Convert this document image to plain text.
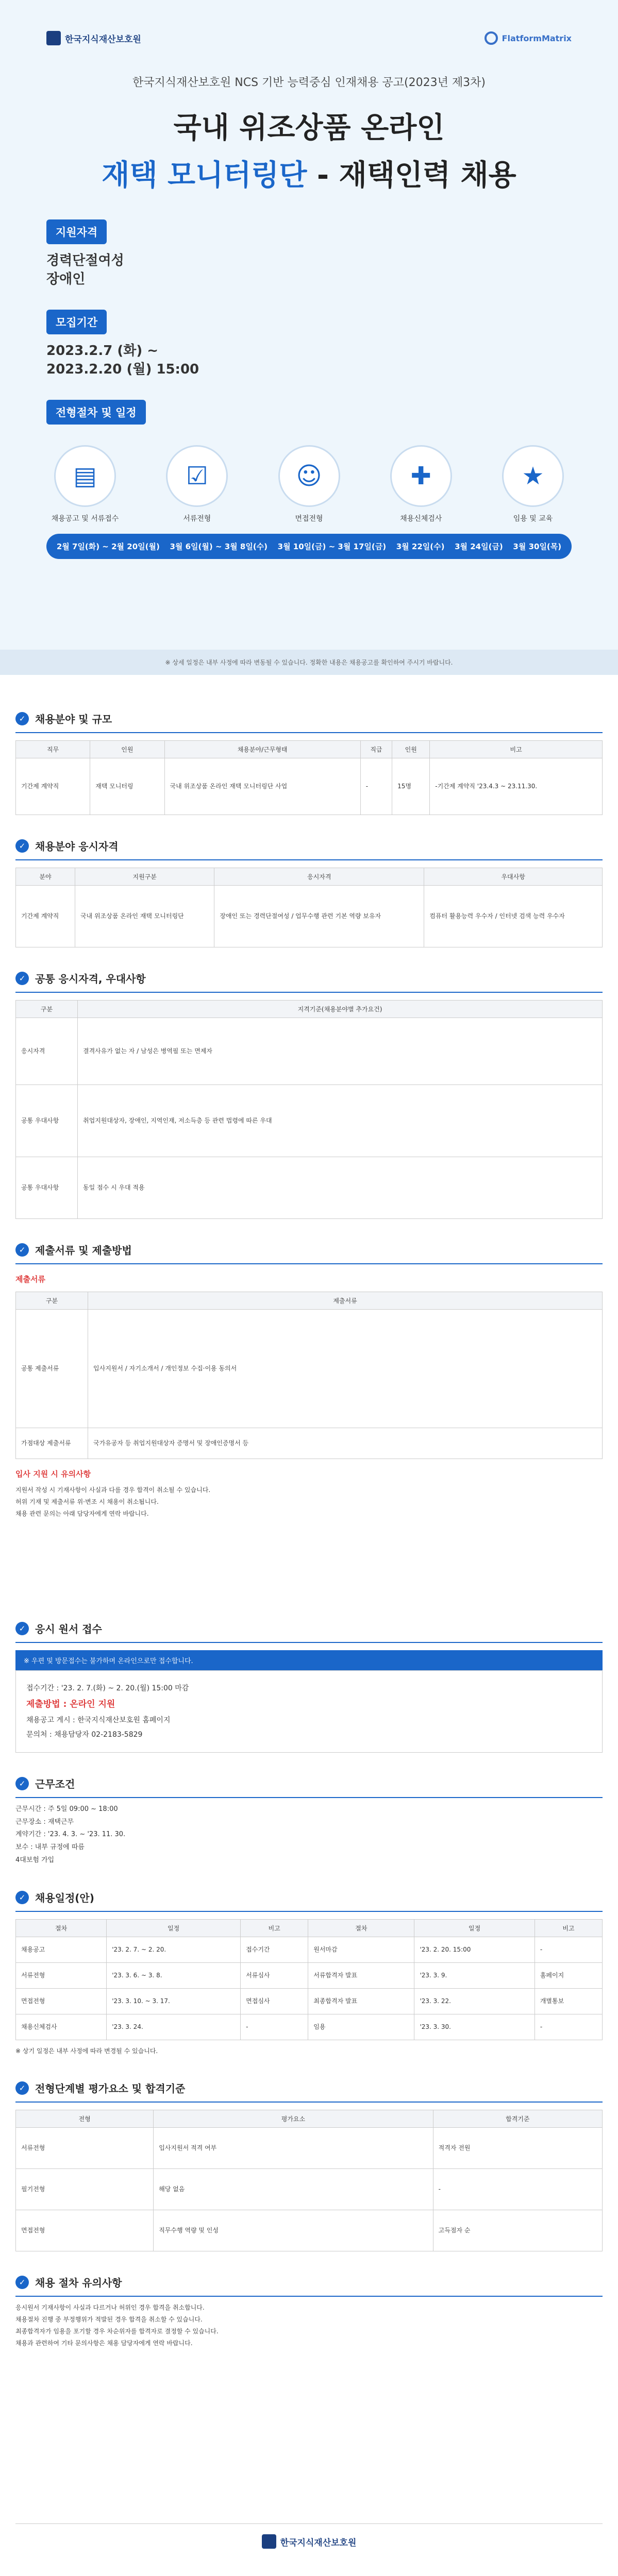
한국지식재산보호원	FlatformMatrix
한국지식재산보호원 NCS 기반 능력중심 인재채용 공고(2023년 제3차)
국내 위조상품 온라인
재택 모니터링단 - 재택인력 채용
지원자격
경력단절여성
장애인
모집기간
2023.2.7 (화) ~
2023.2.20 (월) 15:00
전형절차 및 일정
▤
채용공고 및 서류접수
☑
서류전형
☺
면접전형
✚
채용신체검사
★
임용 및 교육
2월 7일(화) ~ 2월 20일(월) 3월 6일(월) ~ 3월 8일(수) 3월 10일(금) ~ 3월 17일(금) 3월 22일(수) 3월 24일(금) 3월 30일(목)
※ 상세 일정은 내부 사정에 따라 변동될 수 있습니다. 정확한 내용은 채용공고를 확인하여 주시기 바랍니다.
✓ 채용분야 및 규모
직무	인원	채용분야/근무형태	직급	인원	비고
기간제 계약직	재택 모니터링	국내 위조상품 온라인 재택 모니터링단 사업	-	15명	-기간제 계약직 '23.4.3 ~ 23.11.30.
✓ 채용분야 응시자격
분야	지원구분	응시자격	우대사항
기간제 계약직	국내 위조상품 온라인 재택 모니터링단	장애인 또는 경력단절여성 / 업무수행 관련 기본 역량 보유자	컴퓨터 활용능력 우수자 / 인터넷 검색 능력 우수자
✓ 공통 응시자격, 우대사항
구분	지격기준(채용분야별 추가요건)
응시자격	결격사유가 없는 자 / 남성은 병역필 또는 면제자
공통 우대사항	취업지원대상자, 장애인, 지역인재, 저소득층 등 관련 법령에 따른 우대
공통 우대사항	동일 점수 시 우대 적용
✓ 제출서류 및 제출방법
제출서류
구분	제출서류
공통 제출서류	입사지원서 / 자기소개서 / 개인정보 수집·이용 동의서
가점대상 제출서류	국가유공자 등 취업지원대상자 증명서 및 장애인증명서 등
입사 지원 시 유의사항
지원서 작성 시 기재사항이 사실과 다를 경우 합격이 취소될 수 있습니다.
허위 기재 및 제출서류 위·변조 시 채용이 취소됩니다.
채용 관련 문의는 아래 담당자에게 연락 바랍니다.
✓ 응시 원서 접수
※ 우편 및 방문접수는 불가하며 온라인으로만 접수합니다.
접수기간 : '23. 2. 7.(화) ~ 2. 20.(월) 15:00 마감
제출방법 : 온라인 지원
채용공고 게시 : 한국지식재산보호원 홈페이지
문의처 : 채용담당자 02-2183-5829
✓ 근무조건
근무시간 : 주 5일 09:00 ~ 18:00
근무장소 : 재택근무
계약기간 : '23. 4. 3. ~ '23. 11. 30.
보수 : 내부 규정에 따름
4대보험 가입
✓ 채용일정(안)
절차	일정	비고	절차	일정	비고
채용공고	'23. 2. 7. ~ 2. 20.	접수기간	원서마감	'23. 2. 20. 15:00	-
서류전형	'23. 3. 6. ~ 3. 8.	서류심사	서류합격자 발표	'23. 3. 9.	홈페이지
면접전형	'23. 3. 10. ~ 3. 17.	면접심사	최종합격자 발표	'23. 3. 22.	개별통보
채용신체검사	'23. 3. 24.	-	임용	'23. 3. 30.	-
※ 상기 일정은 내부 사정에 따라 변경될 수 있습니다.
✓ 전형단계별 평가요소 및 합격기준
전형	평가요소	합격기준
서류전형	입사지원서 적격 여부	적격자 전원
필기전형	해당 없음	-
면접전형	직무수행 역량 및 인성	고득점자 순
✓ 채용 절차 유의사항
응시원서 기재사항이 사실과 다르거나 허위인 경우 합격을 취소합니다.
채용절차 진행 중 부정행위가 적발된 경우 합격을 취소할 수 있습니다.
최종합격자가 임용을 포기할 경우 차순위자를 합격자로 결정할 수 있습니다.
채용과 관련하여 기타 문의사항은 채용 담당자에게 연락 바랍니다.
한국지식재산보호원
